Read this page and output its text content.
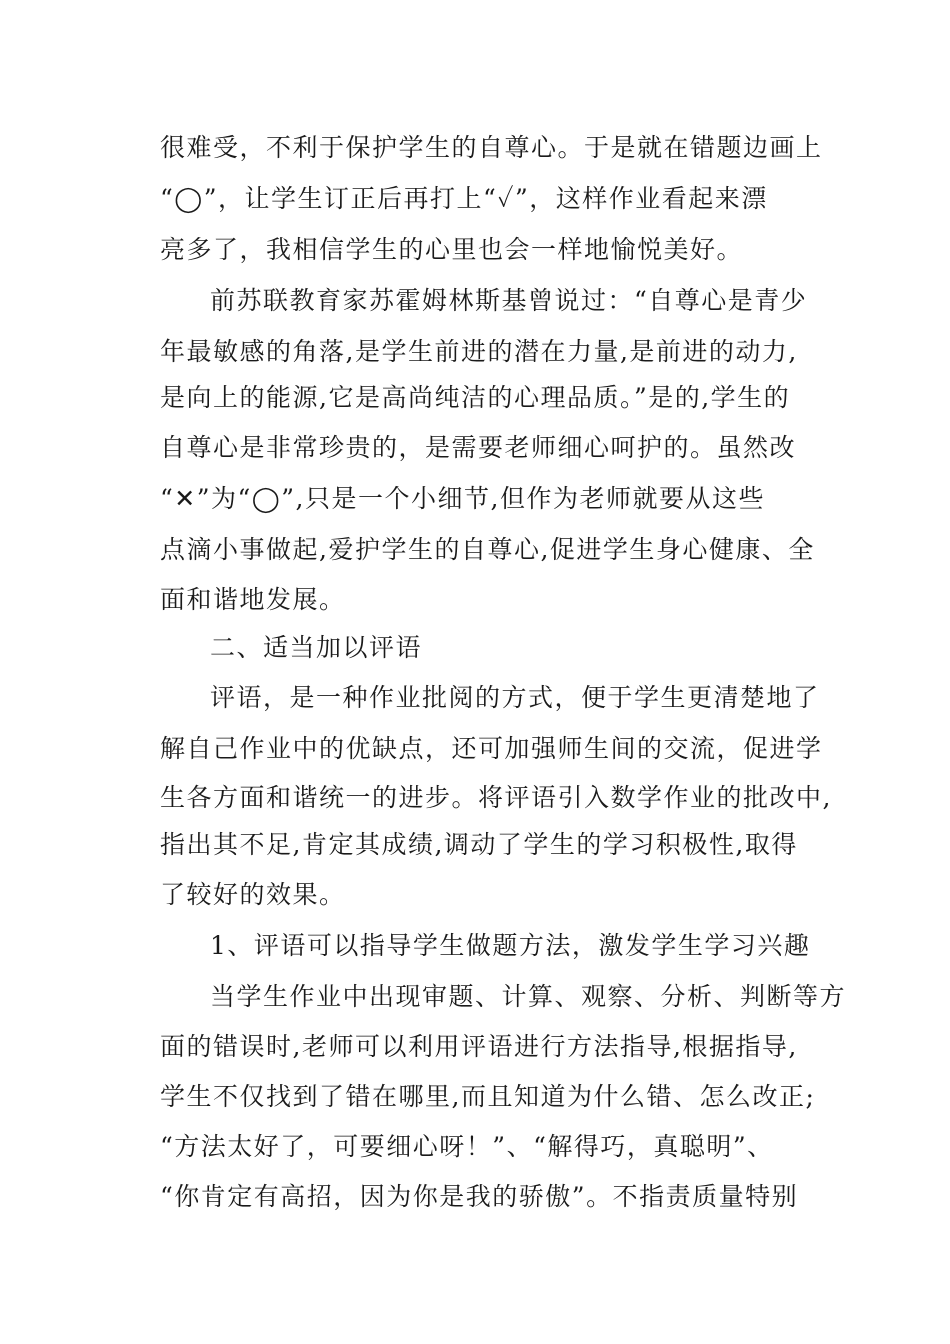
很难受，不利于保护学生的自尊心。于是就在错题边画上
“◯”，让学生订正后再打上“✓”，这样作业看起来漂
亮多了，我相信学生的心里也会一样地愉悦美好。
前苏联教育家苏霍姆林斯基曾说过：“自尊心是青少
年最敏感的角落,是学生前进的潜在力量,是前进的动力,
是向上的能源,它是高尚纯洁的心理品质。”是的,学生的
自尊心是非常珍贵的，是需要老师细心呵护的。虽然改
“✕”为“◯”,只是一个小细节,但作为老师就要从这些
点滴小事做起,爱护学生的自尊心,促进学生身心健康、全
面和谐地发展。
二、适当加以评语
评语，是一种作业批阅的方式，便于学生更清楚地了
解自己作业中的优缺点，还可加强师生间的交流，促进学
生各方面和谐统一的进步。将评语引入数学作业的批改中,
指出其不足,肯定其成绩,调动了学生的学习积极性,取得
了较好的效果。
1、评语可以指导学生做题方法，激发学生学习兴趣
当学生作业中出现审题、计算、观察、分析、判断等方
面的错误时,老师可以利用评语进行方法指导,根据指导,
学生不仅找到了错在哪里,而且知道为什么错、怎么改正;
“方法太好了，可要细心呀！”、“解得巧，真聪明”、
“你肯定有高招，因为你是我的骄傲”。不指责质量特别
